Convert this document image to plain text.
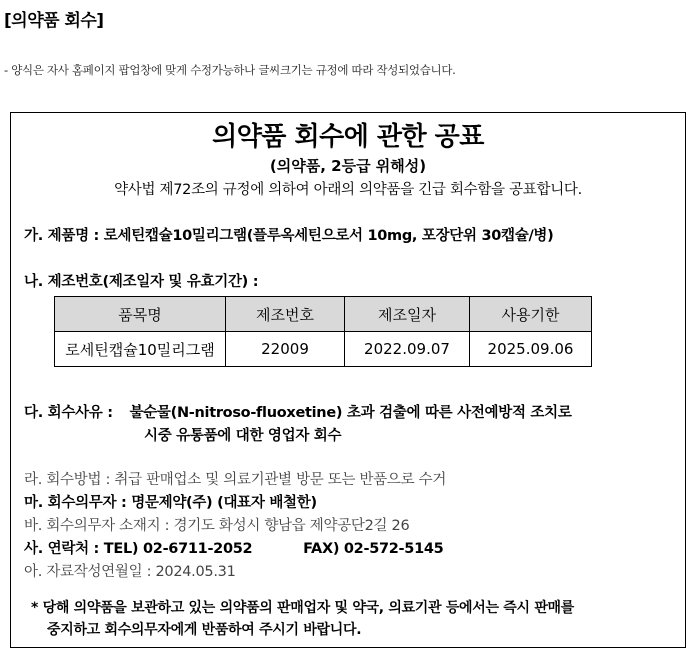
[의약품 회수]
- 양식은 자사 홈페이지 팝업창에 맞게 수정가능하나 글씨크기는 규정에 따라 작성되었습니다.
의약품 회수에 관한 공표
(의약품, 2등급 위해성)
약사법 제72조의 규정에 의하여 아래의 의약품을 긴급 회수함을 공표합니다.
가. 제품명 : 로세틴캡슐10밀리그램(플루옥세틴으로서 10mg, 포장단위 30캡슐/병)
나. 제조번호(제조일자 및 유효기간) :
품목명	제조번호	제조일자	사용기한
로세틴캡슐10밀리그램	22009	2022.09.07	2025.09.06
다. 회수사유 : 불순물(N-nitroso-fluoxetine) 초과 검출에 따른 사전예방적 조치로
시중 유통품에 대한 영업자 회수
라. 회수방법 : 취급 판매업소 및 의료기관별 방문 또는 반품으로 수거
마. 회수의무자 : 명문제약(주) (대표자 배철한)
바. 회수의무자 소재지 : 경기도 화성시 향남읍 제약공단2길 26
사. 연락처 : TEL) 02-6711-2052	FAX) 02-572-5145
아. 자료작성연월일 : 2024.05.31
* 당해 의약품을 보관하고 있는 의약품의 판매업자 및 약국, 의료기관 등에서는 즉시 판매를
중지하고 회수의무자에게 반품하여 주시기 바랍니다.
